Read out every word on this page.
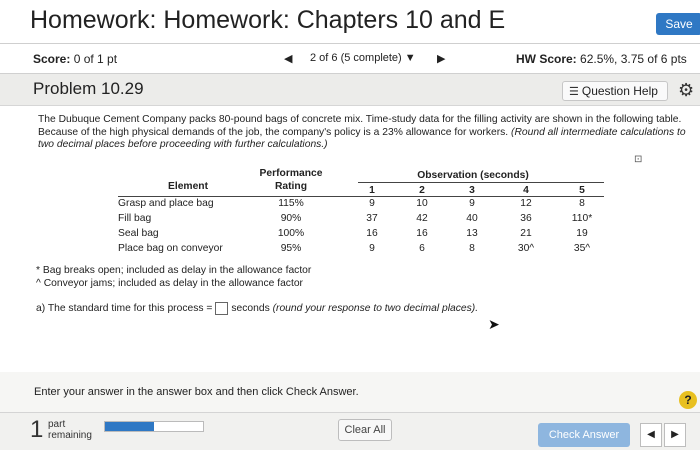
Homework: Homework: Chapters 10 and E	Save
Score: 0 of 1 pt	◀ 2 of 6 (5 complete) ▼ ▶	HW Score: 62.5%, 3.75 of 6 pts
Problem 10.29	☰ Question Help	⚙
The Dubuque Cement Company packs 80-pound bags of concrete mix. Time-study data for the filling activity are shown in the following table. Because of the high physical demands of the job, the company's policy is a 23% allowance for workers. (Round all intermediate calculations to two decimal places before proceeding with further calculations.)
⊡
Performance	Observation (seconds)
Element	Rating	1	2	3	4	5
Grasp and place bag	115%	9	10	9	12	8
Fill bag	90%	37	42	40	36	110*
Seal bag	100%	16	16	13	21	19
Place bag on conveyor	95%	9	6	8	30^	35^
* Bag breaks open; included as delay in the allowance factor
^ Conveyor jams; included as delay in the allowance factor
a) The standard time for this process = seconds (round your response to two decimal places).
➤
Enter your answer in the answer box and then click Check Answer.
?
1 part
remaining	Clear All	Check Answer	◀	▶
